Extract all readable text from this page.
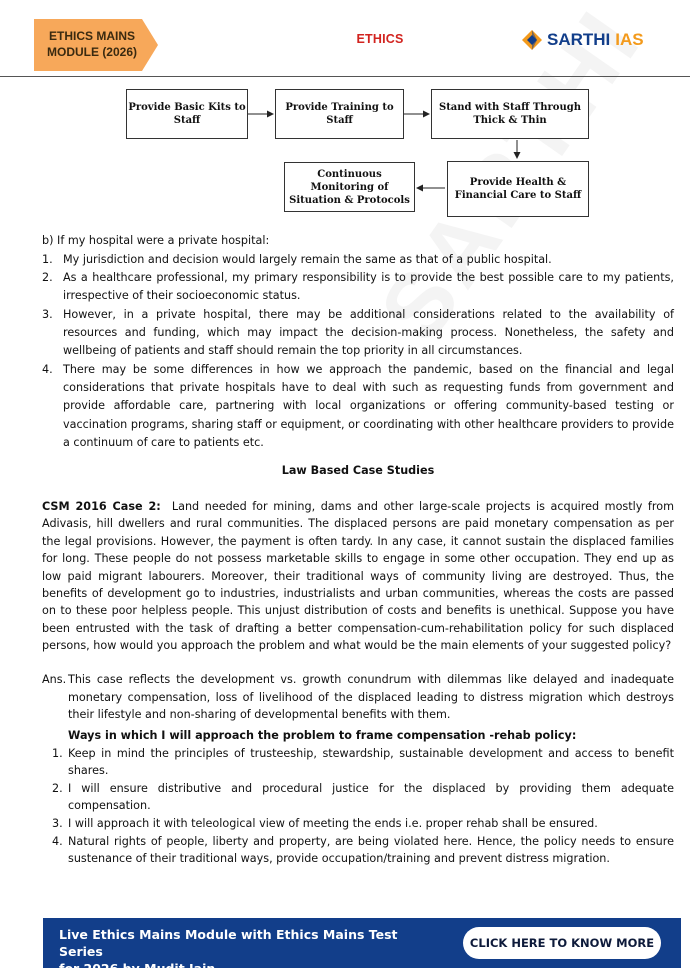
ETHICS MAINS
MODULE (2026)
ETHICS	SARTHI IAS
Provide Basic Kits to Staff
Provide Training to Staff
Stand with Staff Through Thick & Thin
Provide Health & Financial Care to Staff
Continuous Monitoring of Situation & Protocols
b) If my hospital were a private hospital:
1. My jurisdiction and decision would largely remain the same as that of a public hospital.
2. As a healthcare professional, my primary responsibility is to provide the best possible care to my patients, irrespective of their socioeconomic status.
3. However, in a private hospital, there may be additional considerations related to the availability of resources and funding, which may impact the decision-making process. Nonetheless, the safety and wellbeing of patients and staff should remain the top priority in all circumstances.
4. There may be some differences in how we approach the pandemic, based on the financial and legal considerations that private hospitals have to deal with such as requesting funds from government and provide affordable care, partnering with local organizations or offering community-based testing or vaccination programs, sharing staff or equipment, or coordinating with other healthcare providers to provide a continuum of care to patients etc.
Law Based Case Studies
CSM 2016 Case 2: Land needed for mining, dams and other large-scale projects is acquired mostly from Adivasis, hill dwellers and rural communities. The displaced persons are paid monetary compensation as per the legal provisions. However, the payment is often tardy. In any case, it cannot sustain the displaced families for long. These people do not possess marketable skills to engage in some other occupation. They end up as low paid migrant labourers. Moreover, their traditional ways of community living are destroyed. Thus, the benefits of development go to industries, industrialists and urban communities, whereas the costs are passed on to these poor helpless people. This unjust distribution of costs and benefits is unethical. Suppose you have been entrusted with the task of drafting a better compensation-cum-rehabilitation policy for such displaced persons, how would you approach the problem and what would be the main elements of your suggested policy?
Ans. This case reflects the development vs. growth conundrum with dilemmas like delayed and inadequate monetary compensation, loss of livelihood of the displaced leading to distress migration which destroys their lifestyle and non-sharing of developmental benefits with them.
Ways in which I will approach the problem to frame compensation -rehab policy:
1. Keep in mind the principles of trusteeship, stewardship, sustainable development and access to benefit shares.
2. I will ensure distributive and procedural justice for the displaced by providing them adequate compensation.
3. I will approach it with teleological view of meeting the ends i.e. proper rehab shall be ensured.
4. Natural rights of people, liberty and property, are being violated here. Hence, the policy needs to ensure sustenance of their traditional ways, provide occupation/training and prevent distress migration.
Live Ethics Mains Module with Ethics Mains Test Series
for 2026 by Mudit Jain
CLICK HERE TO KNOW MORE
